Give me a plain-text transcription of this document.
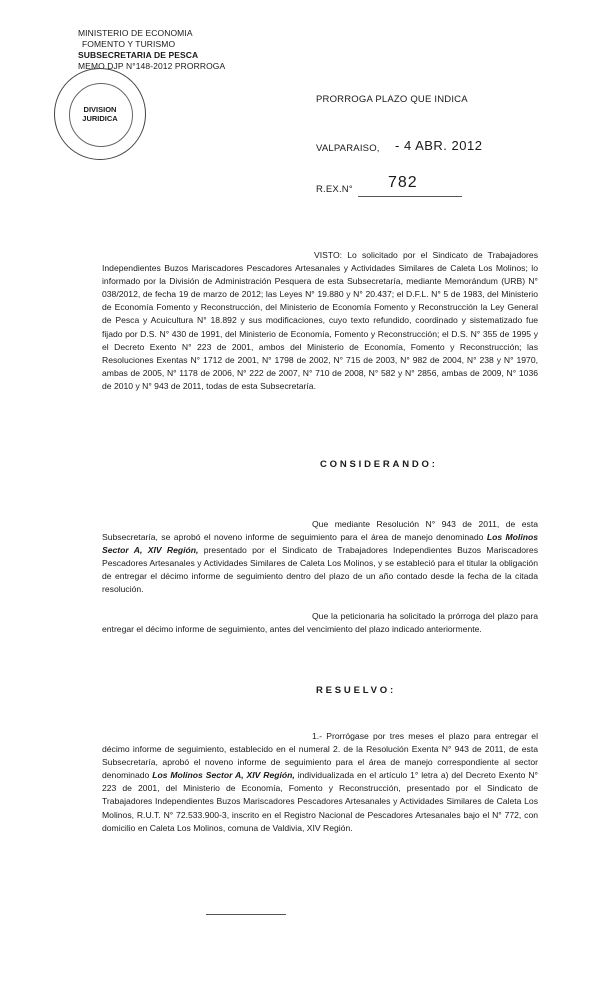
MINISTERIO DE ECONOMIA
FOMENTO Y TURISMO
SUBSECRETARIA DE PESCA
MEMO DJP N°148-2012 PRORROGA
DIVISION
JURIDICA
PRORROGA PLAZO QUE INDICA
VALPARAISO, - 4 ABR. 2012
R.EX.N° 782

VISTO: Lo solicitado por el Sindicato de Trabajadores Independientes Buzos Mariscadores Pescadores Artesanales y Actividades Similares de Caleta Los Molinos; lo informado por la División de Administración Pesquera de esta Subsecretaría, mediante Memorándum (URB) N° 038/2012, de fecha 19 de marzo de 2012; las Leyes N° 19.880 y N° 20.437; el D.F.L. N° 5 de 1983, del Ministerio de Economía Fomento y Reconstrucción, del Ministerio de Economía Fomento y Reconstrucción la Ley General de Pesca y Acuicultura N° 18.892 y sus modificaciones, cuyo texto refundido, coordinado y sistematizado fue fijado por D.S. N° 430 de 1991, del Ministerio de Economía, Fomento y Reconstrucción; el D.S. N° 355 de 1995 y el Decreto Exento N° 223 de 2001, ambos del Ministerio de Economía, Fomento y Reconstrucción; las Resoluciones Exentas N° 1712 de 2001, N° 1798 de 2002, N° 715 de 2003, N° 982 de 2004, N° 238 y N° 1970, ambas de 2005, N° 1178 de 2006, N° 222 de 2007, N° 710 de 2008, N° 582 y N° 2856, ambas de 2009, N° 1036 de 2010 y N° 943 de 2011, todas de esta Subsecretaría.

CONSIDERANDO:

Que mediante Resolución N° 943 de 2011, de esta Subsecretaría, se aprobó el noveno informe de seguimiento para el área de manejo denominado Los Molinos Sector A, XIV Región, presentado por el Sindicato de Trabajadores Independientes Buzos Mariscadores Pescadores Artesanales y Actividades Similares de Caleta Los Molinos, y se estableció para el titular la obligación de entregar el décimo informe de seguimiento dentro del plazo de un año contado desde la fecha de la citada resolución.

Que la peticionaria ha solicitado la prórroga del plazo para entregar el décimo informe de seguimiento, antes del vencimiento del plazo indicado anteriormente.

RESUELVO:

1.- Prorrógase por tres meses el plazo para entregar el décimo informe de seguimiento, establecido en el numeral 2. de la Resolución Exenta N° 943 de 2011, de esta Subsecretaría, aprobó el noveno informe de seguimiento para el área de manejo correspondiente al sector denominado Los Molinos Sector A, XIV Región, individualizada en el artículo 1° letra a) del Decreto Exento N° 223 de 2001, del Ministerio de Economía, Fomento y Reconstrucción, presentado por el Sindicato de Trabajadores Independientes Buzos Mariscadores Pescadores Artesanales y Actividades Similares de Caleta Los Molinos, R.U.T. N° 72.533.900-3, inscrito en el Registro Nacional de Pescadores Artesanales bajo el N° 772, con domicilio en Caleta Los Molinos, comuna de Valdivia, XIV Región.
